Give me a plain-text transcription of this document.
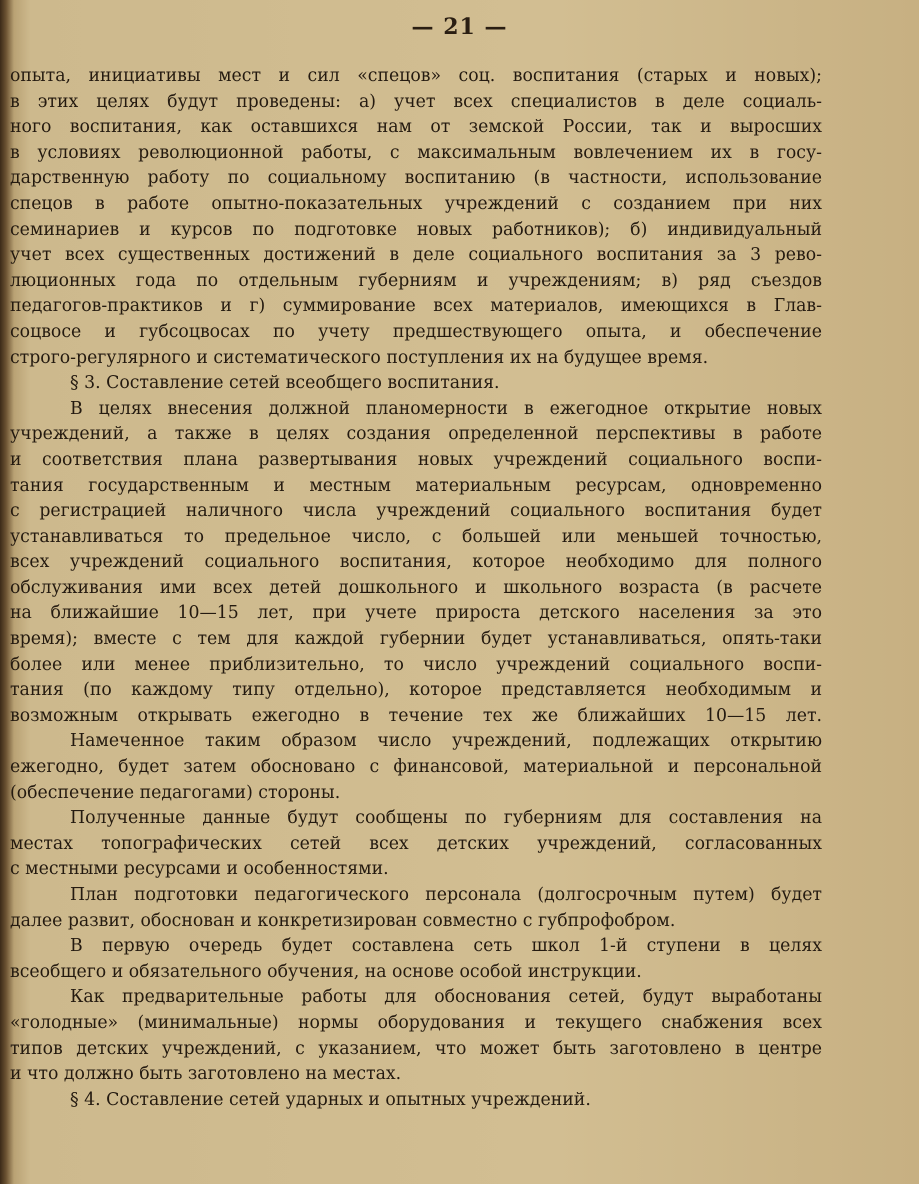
— 21 —
опыта, инициативы мест и сил «спецов» соц. воспитания (старых и новых);
в этих целях будут проведены: а) учет всех специалистов в деле социаль-
ного воспитания, как оставшихся нам от земской России, так и выросших
в условиях революционной работы, с максимальным вовлечением их в госу-
дарственную работу по социальному воспитанию (в частности, использование
спецов в работе опытно-показательных учреждений с созданием при них
семинариев и курсов по подготовке новых работников); б) индивидуальный
учет всех существенных достижений в деле социального воспитания за 3 рево-
люционных года по отдельным губерниям и учреждениям; в) ряд съездов
педагогов-практиков и г) суммирование всех материалов, имеющихся в Глав-
соцвосе и губсоцвосах по учету предшествующего опыта, и обеспечение
строго-регулярного и систематического поступления их на будущее время.
§ 3. Составление сетей всеобщего воспитания.
В целях внесения должной планомерности в ежегодное открытие новых
учреждений, а также в целях создания определенной перспективы в работе
и соответствия плана развертывания новых учреждений социального воспи-
тания государственным и местным материальным ресурсам, одновременно
с регистрацией наличного числа учреждений социального воспитания будет
устанавливаться то предельное число, с большей или меньшей точностью,
всех учреждений социального воспитания, которое необходимо для полного
обслуживания ими всех детей дошкольного и школьного возраста (в расчете
на ближайшие 10—15 лет, при учете прироста детского населения за это
время); вместе с тем для каждой губернии будет устанавливаться, опять-таки
более или менее приблизительно, то число учреждений социального воспи-
тания (по каждому типу отдельно), которое представляется необходимым и
возможным открывать ежегодно в течение тех же ближайших 10—15 лет.
Намеченное таким образом число учреждений, подлежащих открытию
ежегодно, будет затем обосновано с финансовой, материальной и персональной
(обеспечение педагогами) стороны.
Полученные данные будут сообщены по губерниям для составления на
местах топографических сетей всех детских учреждений, согласованных
с местными ресурсами и особенностями.
План подготовки педагогического персонала (долгосрочным путем) будет
далее развит, обоснован и конкретизирован совместно с губпрофобром.
В первую очередь будет составлена сеть школ 1-й ступени в целях
всеобщего и обязательного обучения, на основе особой инструкции.
Как предварительные работы для обоснования сетей, будут выработаны
«голодные» (минимальные) нормы оборудования и текущего снабжения всех
типов детских учреждений, с указанием, что может быть заготовлено в центре
и что должно быть заготовлено на местах.
§ 4. Составление сетей ударных и опытных учреждений.
